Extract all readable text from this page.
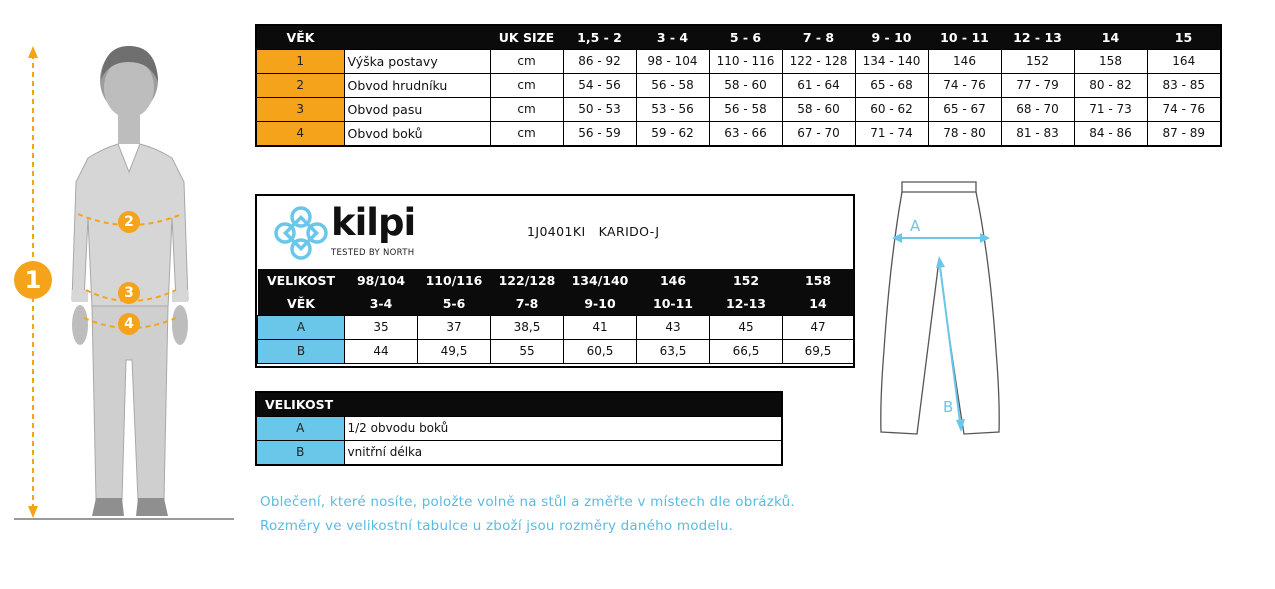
1
2
3
4
VĚK		UK SIZE	1,5 - 2	3 - 4	5 - 6	7 - 8	9 - 10	10 - 11	12 - 13	14	15
1	Výška postavy	cm	86 - 92	98 - 104	110 - 116	122 - 128	134 - 140	146	152	158	164
2	Obvod hrudníku	cm	54 - 56	56 - 58	58 - 60	61 - 64	65 - 68	74 - 76	77 - 79	80 - 82	83 - 85
3	Obvod pasu	cm	50 - 53	53 - 56	56 - 58	58 - 60	60 - 62	65 - 67	68 - 70	71 - 73	74 - 76
4	Obvod boků	cm	56 - 59	59 - 62	63 - 66	67 - 70	71 - 74	78 - 80	81 - 83	84 - 86	87 - 89
kilpi
TESTED BY NORTH
1J0401KI   KARIDO-J
VELIKOST	98/104	110/116	122/128	134/140	146	152	158
VĚK	3-4	5-6	7-8	9-10	10-11	12-13	14
A	35	37	38,5	41	43	45	47
B	44	49,5	55	60,5	63,5	66,5	69,5
VELIKOST	
A	1/2 obvodu boků
B	vnitřní délka
A
B
Oblečení, které nosíte, položte volně na stůl a změřte v místech dle obrázků.
Rozměry ve velikostní tabulce u zboží jsou rozměry daného modelu.
